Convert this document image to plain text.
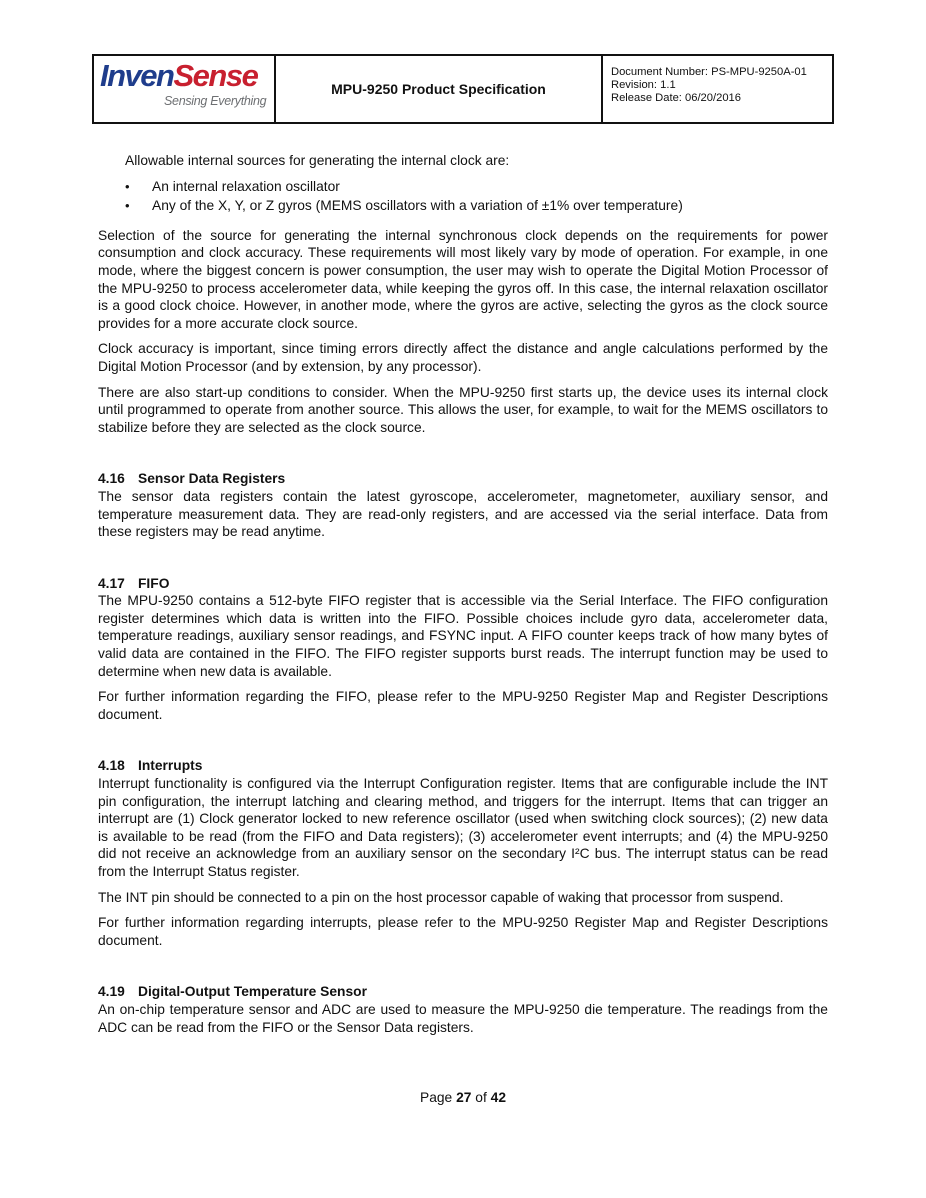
InvenSense
Sensing Everything
MPU-9250 Product Specification
Document Number: PS-MPU-9250A-01
Revision: 1.1
Release Date: 06/20/2016

Allowable internal sources for generating the internal clock are:

• An internal relaxation oscillator
• Any of the X, Y, or Z gyros (MEMS oscillators with a variation of ±1% over temperature)

Selection of the source for generating the internal synchronous clock depends on the requirements for power consumption and clock accuracy. These requirements will most likely vary by mode of operation. For example, in one mode, where the biggest concern is power consumption, the user may wish to operate the Digital Motion Processor of the MPU-9250 to process accelerometer data, while keeping the gyros off. In this case, the internal relaxation oscillator is a good clock choice. However, in another mode, where the gyros are active, selecting the gyros as the clock source provides for a more accurate clock source.

Clock accuracy is important, since timing errors directly affect the distance and angle calculations performed by the Digital Motion Processor (and by extension, by any processor).

There are also start-up conditions to consider. When the MPU-9250 first starts up, the device uses its internal clock until programmed to operate from another source. This allows the user, for example, to wait for the MEMS oscillators to stabilize before they are selected as the clock source.

4.16 Sensor Data Registers

The sensor data registers contain the latest gyroscope, accelerometer, magnetometer, auxiliary sensor, and temperature measurement data. They are read-only registers, and are accessed via the serial interface. Data from these registers may be read anytime.

4.17 FIFO

The MPU-9250 contains a 512-byte FIFO register that is accessible via the Serial Interface. The FIFO configuration register determines which data is written into the FIFO. Possible choices include gyro data, accelerometer data, temperature readings, auxiliary sensor readings, and FSYNC input. A FIFO counter keeps track of how many bytes of valid data are contained in the FIFO. The FIFO register supports burst reads. The interrupt function may be used to determine when new data is available.

For further information regarding the FIFO, please refer to the MPU-9250 Register Map and Register Descriptions document.

4.18 Interrupts

Interrupt functionality is configured via the Interrupt Configuration register. Items that are configurable include the INT pin configuration, the interrupt latching and clearing method, and triggers for the interrupt. Items that can trigger an interrupt are (1) Clock generator locked to new reference oscillator (used when switching clock sources); (2) new data is available to be read (from the FIFO and Data registers); (3) accelerometer event interrupts; and (4) the MPU-9250 did not receive an acknowledge from an auxiliary sensor on the secondary I²C bus. The interrupt status can be read from the Interrupt Status register.

The INT pin should be connected to a pin on the host processor capable of waking that processor from suspend.

For further information regarding interrupts, please refer to the MPU-9250 Register Map and Register Descriptions document.

4.19 Digital-Output Temperature Sensor

An on-chip temperature sensor and ADC are used to measure the MPU-9250 die temperature. The readings from the ADC can be read from the FIFO or the Sensor Data registers.

Page 27 of 42
